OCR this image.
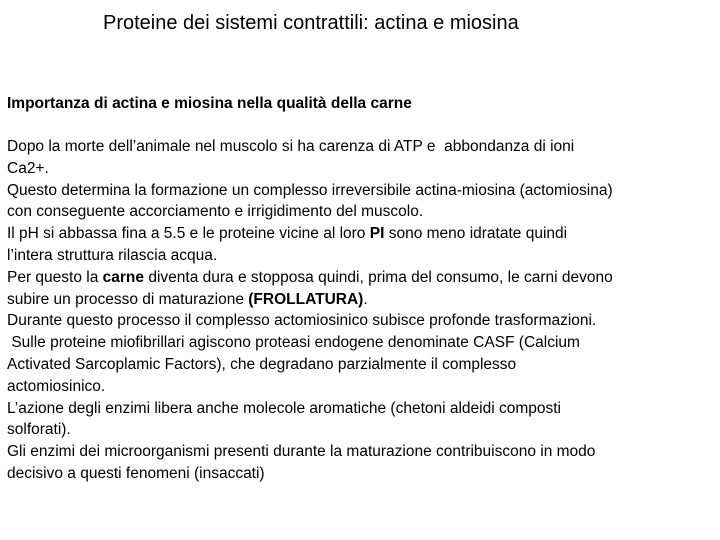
Proteine dei sistemi contrattili: actina e miosina
Importanza di actina e miosina nella qualità della carne

Dopo la morte dell’animale nel muscolo si ha carenza di ATP e  abbondanza di ioni
Ca2+.

Questo determina la formazione un complesso irreversibile actina-miosina (actomiosina)
con conseguente accorciamento e irrigidimento del muscolo.

Il pH si abbassa fina a 5.5 e le proteine vicine al loro PI sono meno idratate quindi
l’intera struttura rilascia acqua.

Per questo la carne diventa dura e stopposa quindi, prima del consumo, le carni devono
subire un processo di maturazione (FROLLATURA).

Durante questo processo il complesso actomiosinico subisce profonde trasformazioni.

Sulle proteine miofibrillari agiscono proteasi endogene denominate CASF (Calcium
Activated Sarcoplamic Factors), che degradano parzialmente il complesso
actomiosinico.

L’azione degli enzimi libera anche molecole aromatiche (chetoni aldeidi composti
solforati).

Gli enzimi dei microorganismi presenti durante la maturazione contribuiscono in modo
decisivo a questi fenomeni (insaccati)
